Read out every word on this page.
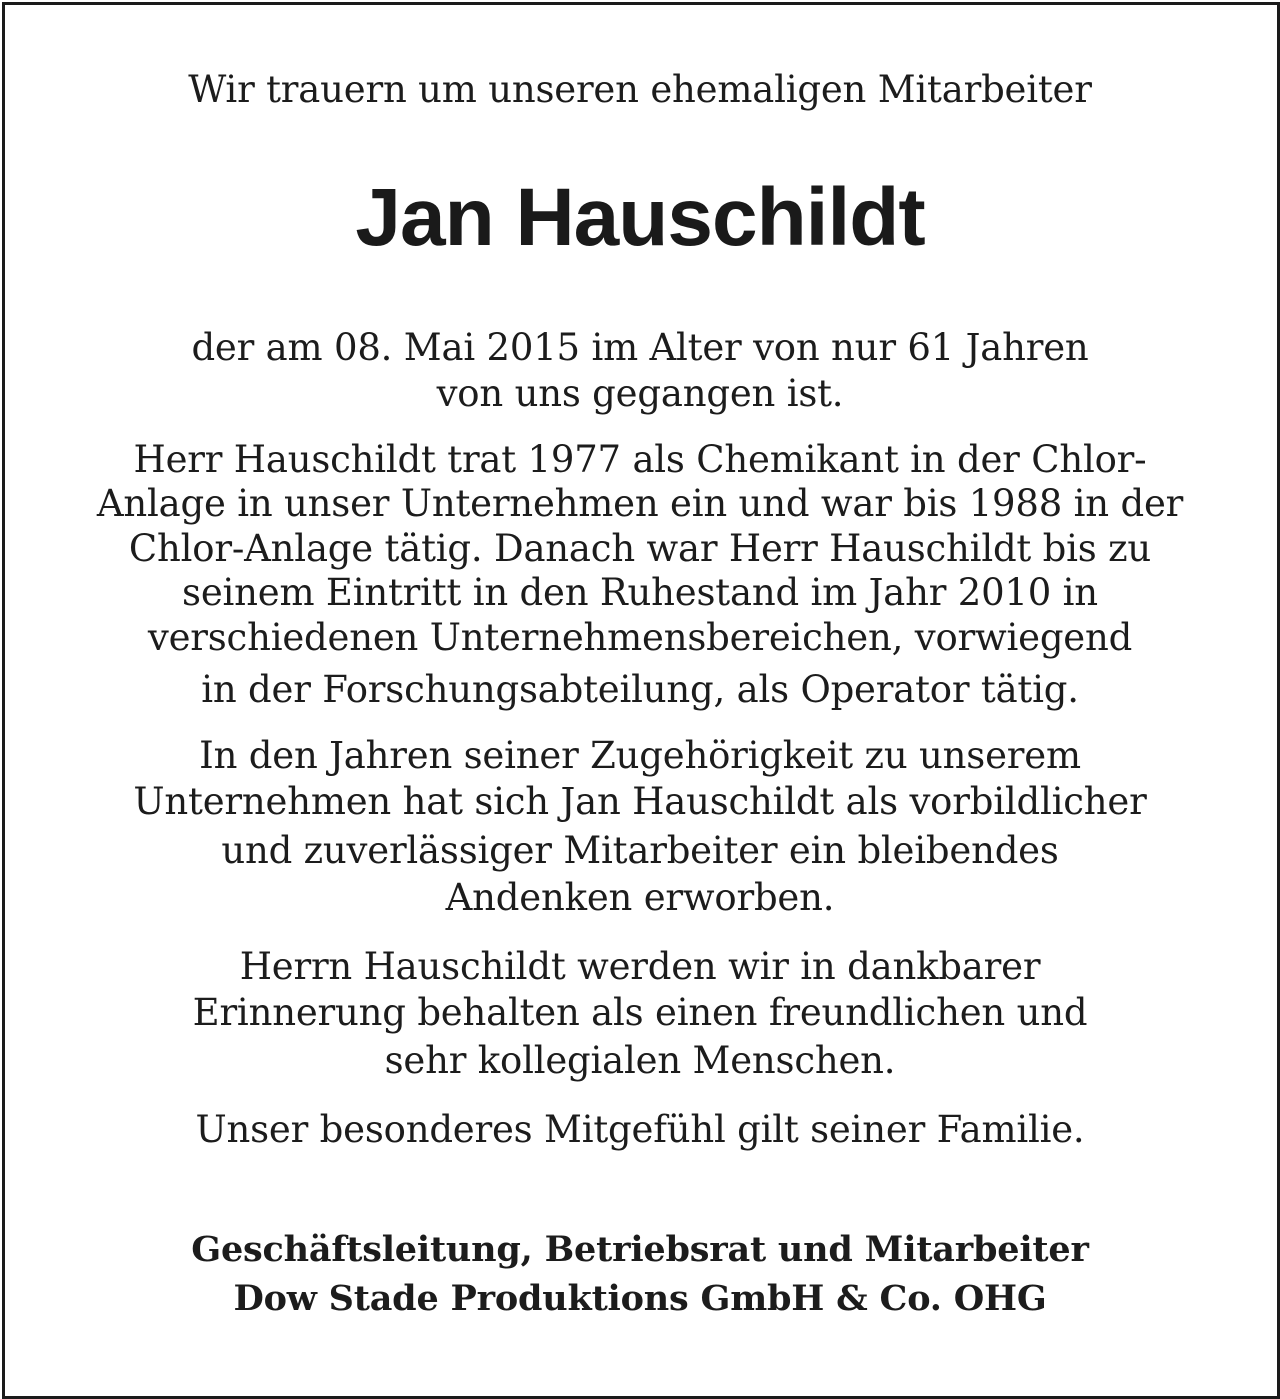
Wir trauern um unseren ehemaligen Mitarbeiter
Jan Hauschildt
der am 08. Mai 2015 im Alter von nur 61 Jahren
von uns gegangen ist.
Herr Hauschildt trat 1977 als Chemikant in der Chlor-
Anlage in unser Unternehmen ein und war bis 1988 in der
Chlor-Anlage tätig. Danach war Herr Hauschildt bis zu
seinem Eintritt in den Ruhestand im Jahr 2010 in
verschiedenen Unternehmensbereichen, vorwiegend
in der Forschungsabteilung, als Operator tätig.
In den Jahren seiner Zugehörigkeit zu unserem
Unternehmen hat sich Jan Hauschildt als vorbildlicher
und zuverlässiger Mitarbeiter ein bleibendes
Andenken erworben.
Herrn Hauschildt werden wir in dankbarer
Erinnerung behalten als einen freundlichen und
sehr kollegialen Menschen.
Unser besonderes Mitgefühl gilt seiner Familie.
Geschäftsleitung, Betriebsrat und Mitarbeiter
Dow Stade Produktions GmbH & Co. OHG
